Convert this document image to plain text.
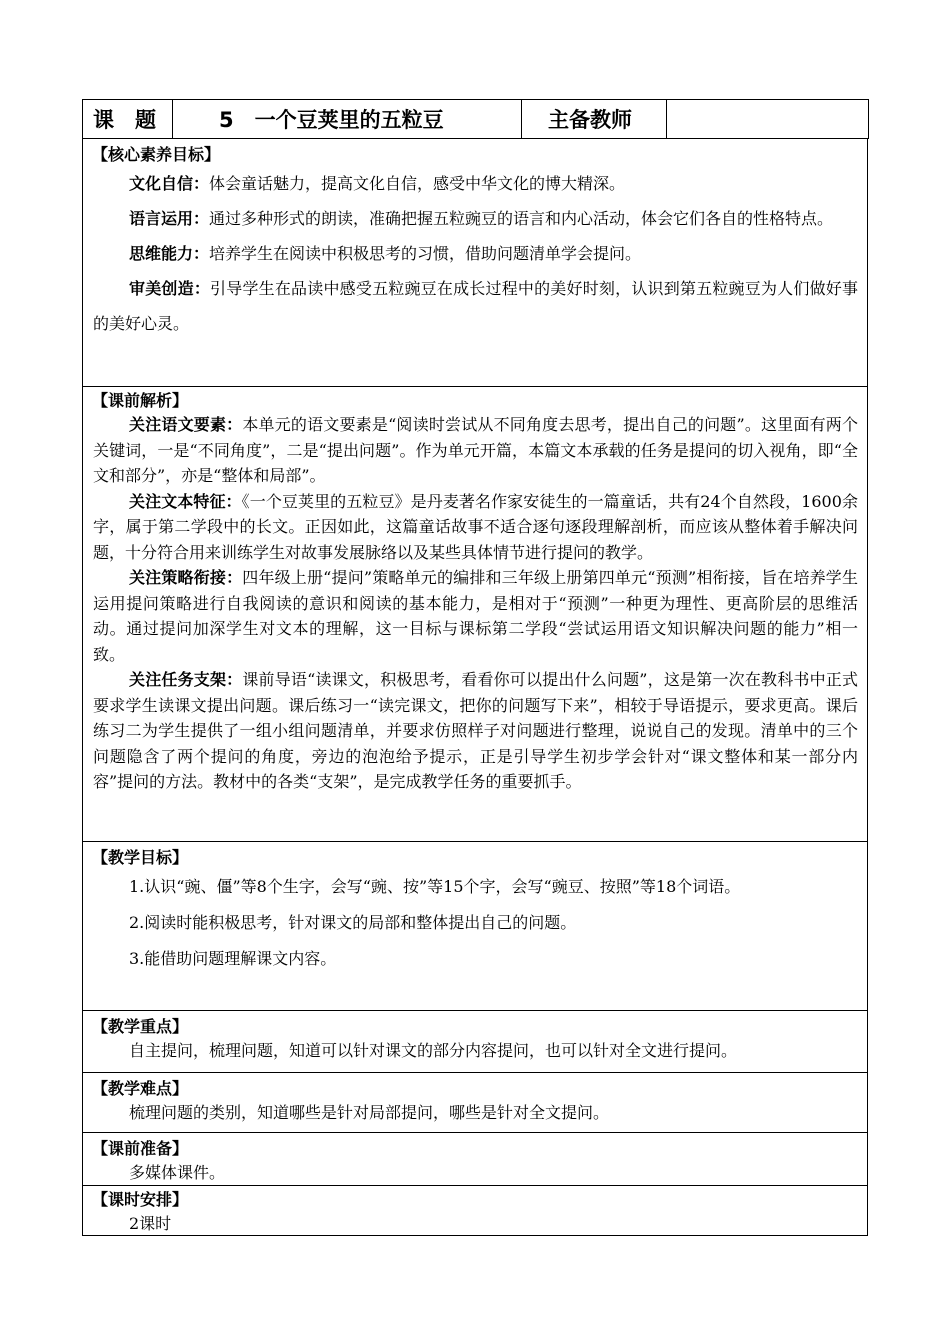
课　题	5　一个豆荚里的五粒豆	主备教师	
【核心素养目标】

文化自信：体会童话魅力，提高文化自信，感受中华文化的博大精深。

语言运用：通过多种形式的朗读，准确把握五粒豌豆的语言和内心活动，体会它们各自的性格特点。

思维能力：培养学生在阅读中积极思考的习惯，借助问题清单学会提问。

审美创造：引导学生在品读中感受五粒豌豆在成长过程中的美好时刻，认识到第五粒豌豆为人们做好事的美好心灵。

【课前解析】

关注语文要素：本单元的语文要素是“阅读时尝试从不同角度去思考，提出自己的问题”。这里面有两个关键词，一是“不同角度”，二是“提出问题”。作为单元开篇，本篇文本承载的任务是提问的切入视角，即“全文和部分”，亦是“整体和局部”。

关注文本特征：《一个豆荚里的五粒豆》是丹麦著名作家安徒生的一篇童话，共有24个自然段，1600余字，属于第二学段中的长文。正因如此，这篇童话故事不适合逐句逐段理解剖析，而应该从整体着手解决问题，十分符合用来训练学生对故事发展脉络以及某些具体情节进行提问的教学。

关注策略衔接：四年级上册“提问”策略单元的编排和三年级上册第四单元“预测”相衔接，旨在培养学生运用提问策略进行自我阅读的意识和阅读的基本能力，是相对于“预测”一种更为理性、更高阶层的思维活动。通过提问加深学生对文本的理解，这一目标与课标第二学段“尝试运用语文知识解决问题的能力”相一致。

关注任务支架：课前导语“读课文，积极思考，看看你可以提出什么问题”，这是第一次在教科书中正式要求学生读课文提出问题。课后练习一“读完课文，把你的问题写下来”，相较于导语提示，要求更高。课后练习二为学生提供了一组小组问题清单，并要求仿照样子对问题进行整理，说说自己的发现。清单中的三个问题隐含了两个提问的角度，旁边的泡泡给予提示，正是引导学生初步学会针对“课文整体和某一部分内容”提问的方法。教材中的各类“支架”，是完成教学任务的重要抓手。

【教学目标】

1.认识“豌、僵”等8个生字，会写“豌、按”等15个字，会写“豌豆、按照”等18个词语。

2.阅读时能积极思考，针对课文的局部和整体提出自己的问题。

3.能借助问题理解课文内容。

【教学重点】

自主提问，梳理问题，知道可以针对课文的部分内容提问，也可以针对全文进行提问。

【教学难点】

梳理问题的类别，知道哪些是针对局部提问，哪些是针对全文提问。

【课前准备】

多媒体课件。

【课时安排】

2课时
